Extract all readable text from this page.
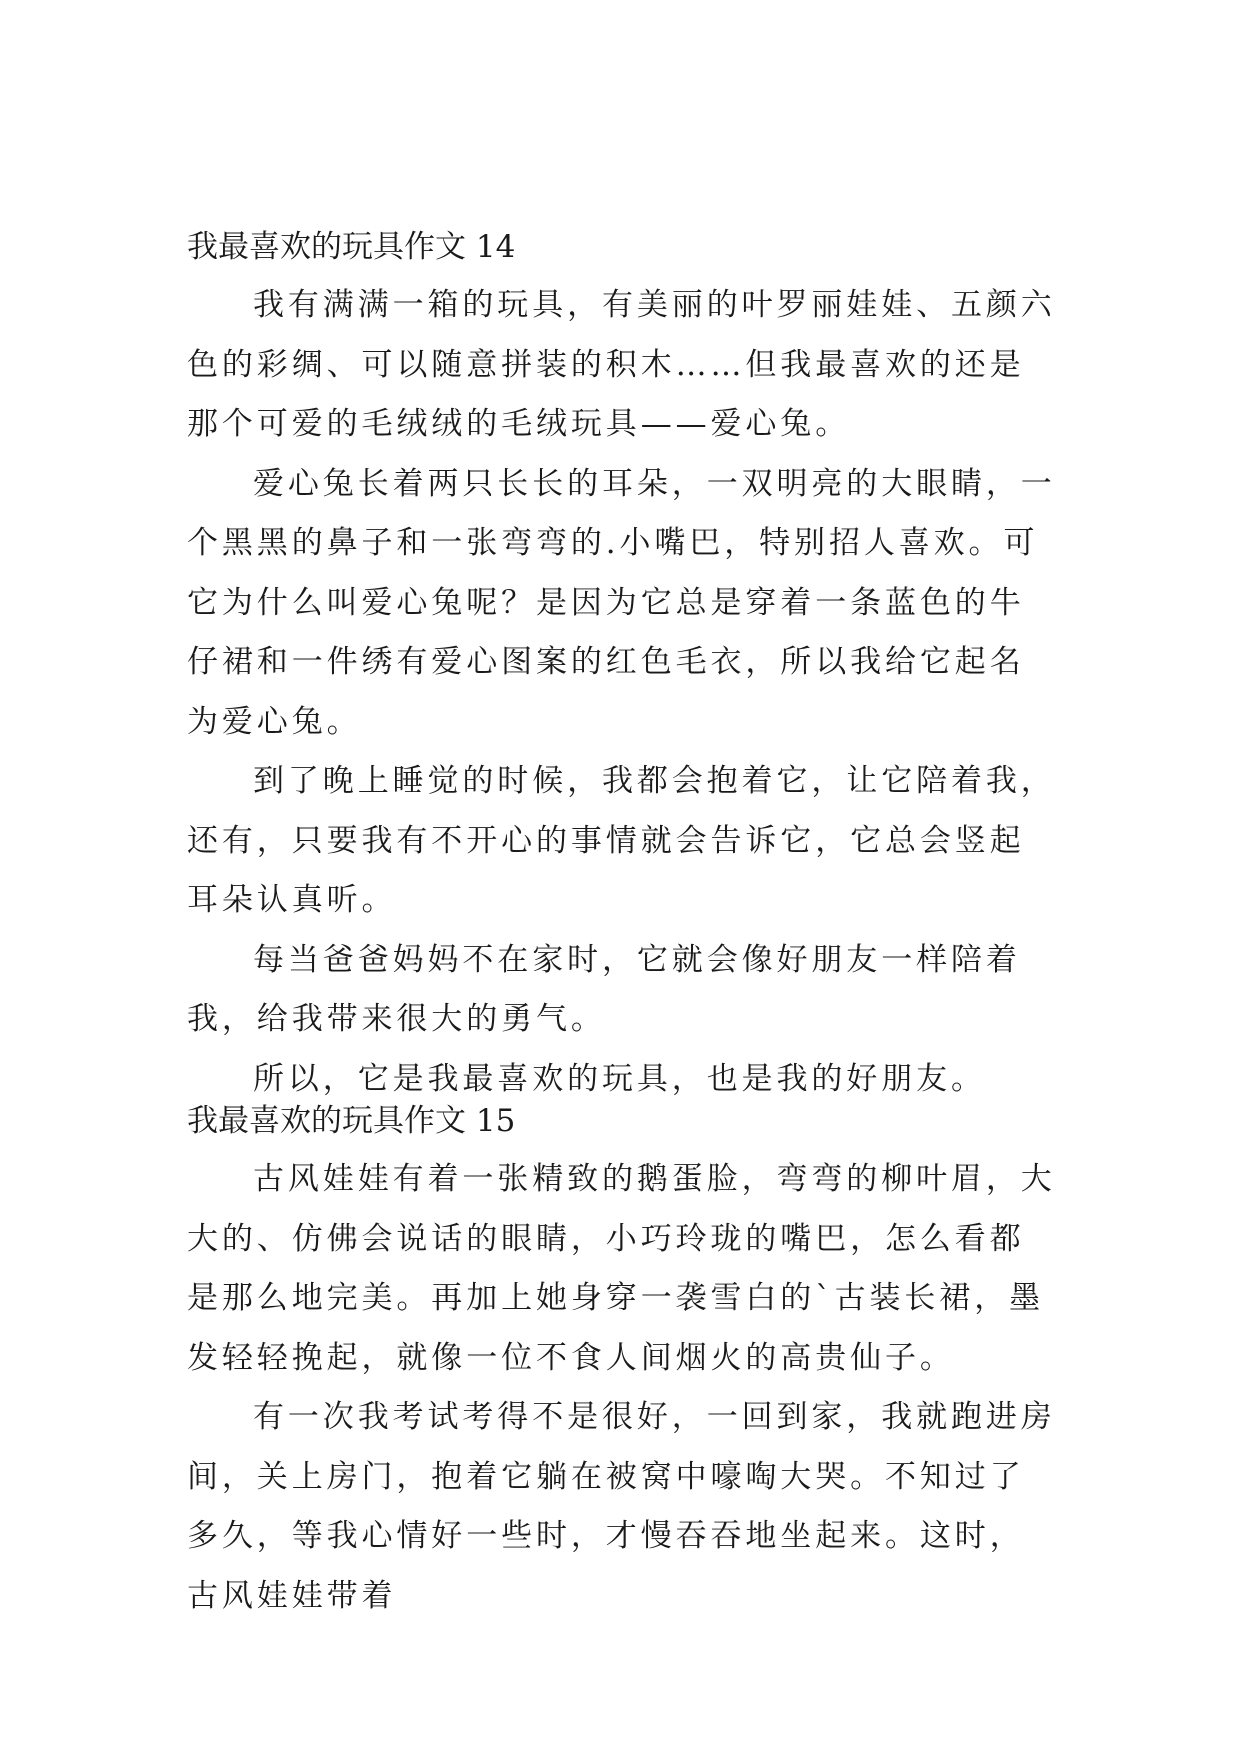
我最喜欢的玩具作文 14

我有满满一箱的玩具，有美丽的叶罗丽娃娃、五颜六色的彩绸、可以随意拼装的积木……但我最喜欢的还是那个可爱的毛绒绒的毛绒玩具——爱心兔。

爱心兔长着两只长长的耳朵，一双明亮的大眼睛，一个黑黑的鼻子和一张弯弯的.小嘴巴，特别招人喜欢。可它为什么叫爱心兔呢？是因为它总是穿着一条蓝色的牛仔裙和一件绣有爱心图案的红色毛衣，所以我给它起名为爱心兔。

到了晚上睡觉的时候，我都会抱着它，让它陪着我，还有，只要我有不开心的事情就会告诉它，它总会竖起耳朵认真听。

每当爸爸妈妈不在家时，它就会像好朋友一样陪着我，给我带来很大的勇气。

所以，它是我最喜欢的玩具，也是我的好朋友。

我最喜欢的玩具作文 15

古风娃娃有着一张精致的鹅蛋脸，弯弯的柳叶眉，大大的、仿佛会说话的眼睛，小巧玲珑的嘴巴，怎么看都是那么地完美。再加上她身穿一袭雪白的`古装长裙，墨发轻轻挽起，就像一位不食人间烟火的高贵仙子。

有一次我考试考得不是很好，一回到家，我就跑进房间，关上房门，抱着它躺在被窝中嚎啕大哭。不知过了多久，等我心情好一些时，才慢吞吞地坐起来。这时，古风娃娃带着
